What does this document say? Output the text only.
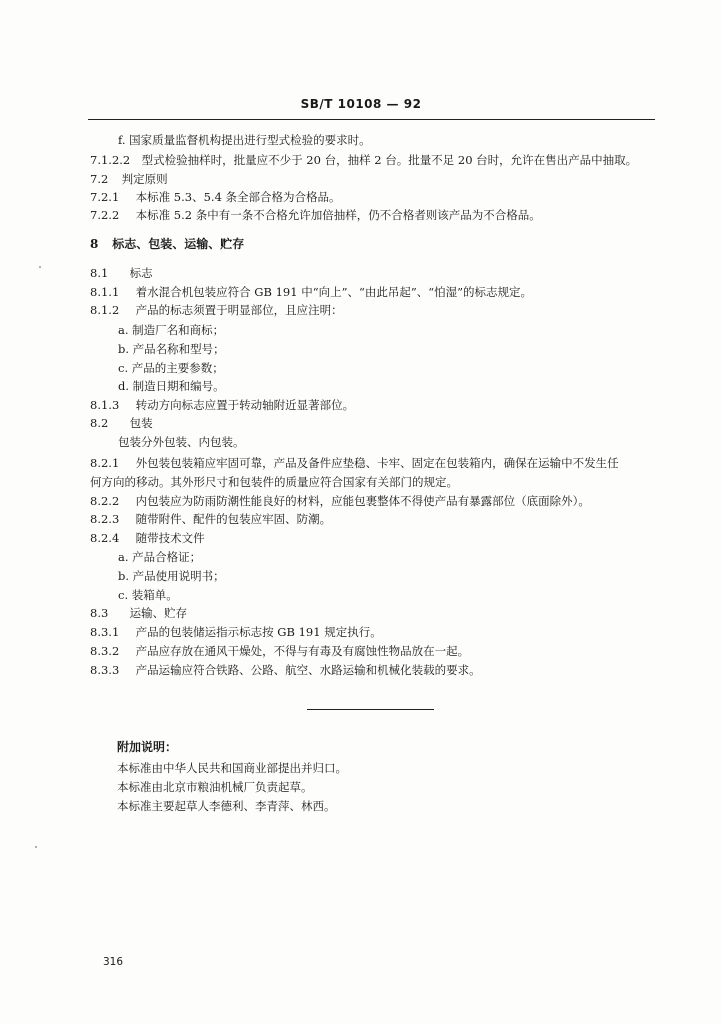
SB/T 10108 — 92
f. 国家质量监督机构提出进行型式检验的要求时。
7.1.2.2 型式检验抽样时，批量应不少于 20 台，抽样 2 台。批量不足 20 台时，允许在售出产品中抽取。
7.2 判定原则
7.2.1 本标准 5.3、5.4 条全部合格为合格品。
7.2.2 本标准 5.2 条中有一条不合格允许加倍抽样，仍不合格者则该产品为不合格品。
8 标志、包装、运输、贮存
8.1 标志
8.1.1 着水混合机包装应符合 GB 191 中“向上”、“由此吊起”、“怕湿”的标志规定。
8.1.2 产品的标志须置于明显部位，且应注明：
a. 制造厂名和商标；
b. 产品名称和型号；
c. 产品的主要参数；
d. 制造日期和编号。
8.1.3 转动方向标志应置于转动轴附近显著部位。
8.2 包装
包装分外包装、内包装。
8.2.1 外包装包装箱应牢固可靠，产品及备件应垫稳、卡牢、固定在包装箱内，确保在运输中不发生任
何方向的移动。其外形尺寸和包装件的质量应符合国家有关部门的规定。
8.2.2 内包装应为防雨防潮性能良好的材料，应能包裹整体不得使产品有暴露部位（底面除外）。
8.2.3 随带附件、配件的包装应牢固、防潮。
8.2.4 随带技术文件
a. 产品合格证；
b. 产品使用说明书；
c. 装箱单。
8.3 运输、贮存
8.3.1 产品的包装储运指示标志按 GB 191 规定执行。
8.3.2 产品应存放在通风干燥处，不得与有毒及有腐蚀性物品放在一起。
8.3.3 产品运输应符合铁路、公路、航空、水路运输和机械化装载的要求。
附加说明：
本标准由中华人民共和国商业部提出并归口。
本标准由北京市粮油机械厂负责起草。
本标准主要起草人李德利、李青萍、林西。
316
